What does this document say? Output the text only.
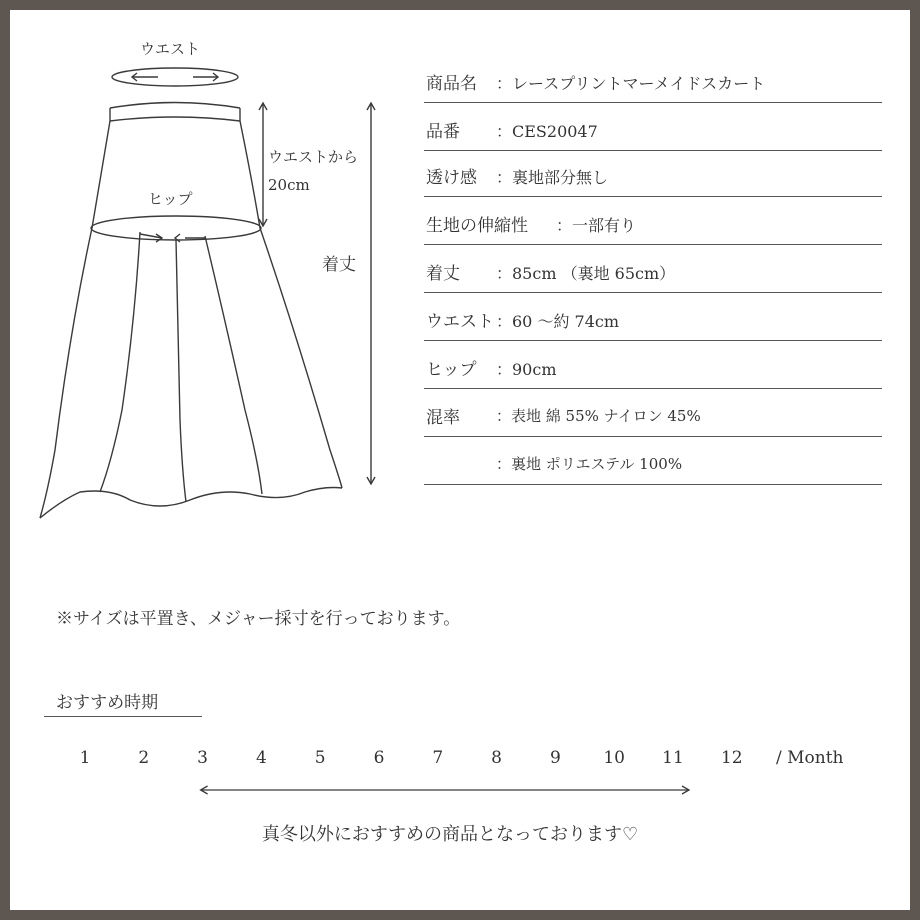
ウエスト
ヒップ
ウエストから
20cm
着丈
商品名 ：レースプリントマーメイドスカート
品番 ：CES20047
透け感 ：裏地部分無し
生地の伸縮性 ：一部有り
着丈 ：85cm （裏地 65cm）
ウエスト ：60 ～約 74cm
ヒップ ：90cm
混率 ：表地 綿 55% ナイロン 45%
：裏地 ポリエステル 100%
※サイズは平置き、メジャー採寸を行っております。
おすすめ時期
1	2	3	4	5	6	7	8	9	10 11 12 / Month
真冬以外におすすめの商品となっております♡
